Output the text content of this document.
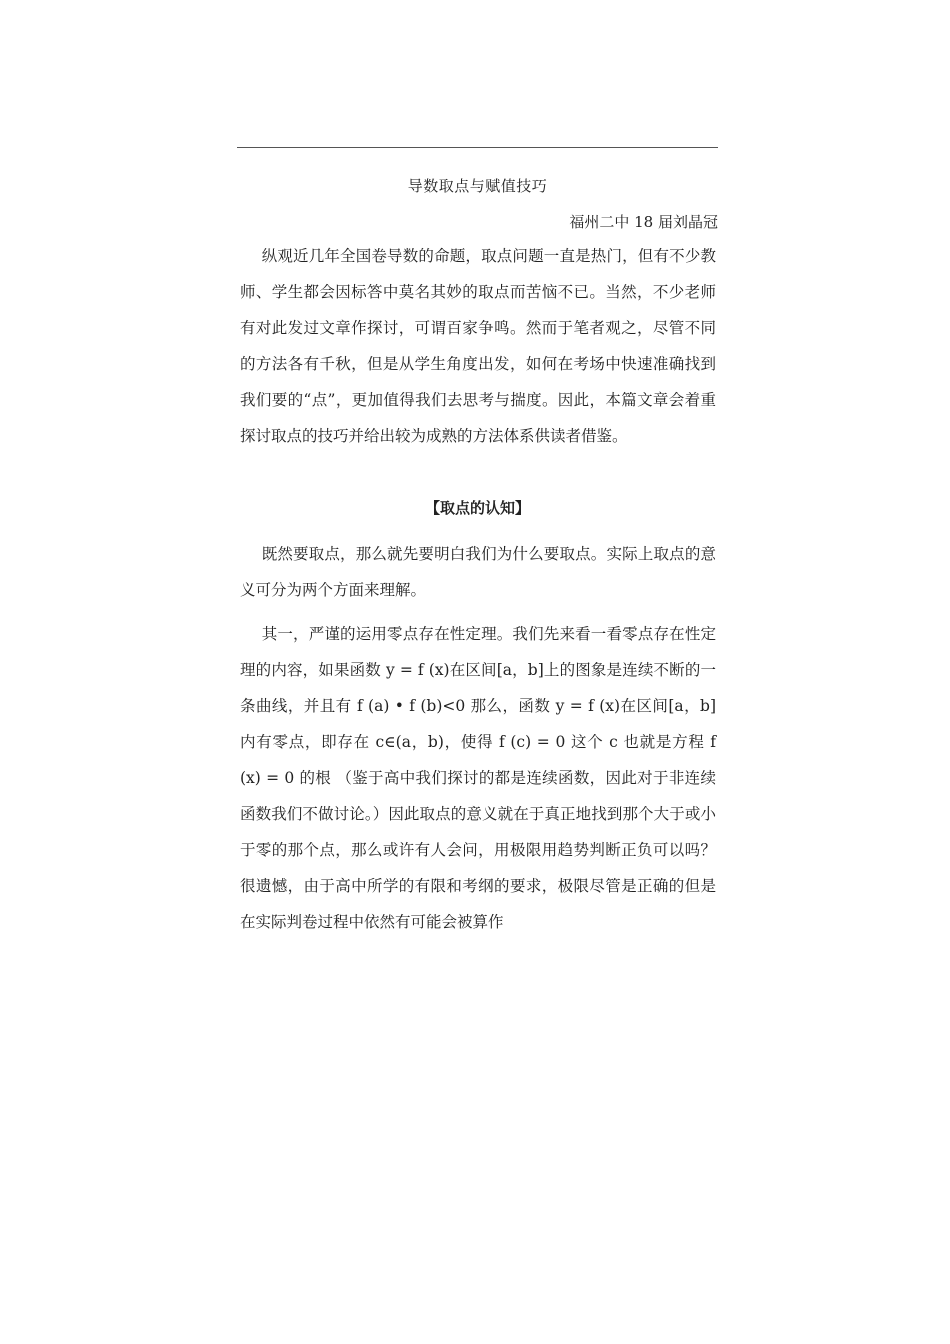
导数取点与赋值技巧
福州二中 18 届刘晶冠

纵观近几年全国卷导数的命题，取点问题一直是热门，但有不少教师、学生都会因标答中莫名其妙的取点而苦恼不已。当然，不少老师有对此发过文章作探讨，可谓百家争鸣。然而于笔者观之，尽管不同的方法各有千秋，但是从学生角度出发，如何在考场中快速准确找到我们要的“点”，更加值得我们去思考与揣度。因此，本篇文章会着重探讨取点的技巧并给出较为成熟的方法体系供读者借鉴。

【取点的认知】

既然要取点，那么就先要明白我们为什么要取点。实际上取点的意义可分为两个方面来理解。

其一，严谨的运用零点存在性定理。我们先来看一看零点存在性定理的内容，如果函数 y = f (x)在区间[a，b]上的图象是连续不断的一条曲线，并且有 f (a) • f (b)<0 那么，函数 y = f (x)在区间[a，b]内有零点，即存在 c∈(a，b)，使得 f (c) = 0 这个 c 也就是方程 f (x) = 0 的根 （鉴于高中我们探讨的都是连续函数，因此对于非连续函数我们不做讨论。）因此取点的意义就在于真正地找到那个大于或小于零的那个点，那么或许有人会问，用极限用趋势判断正负可以吗？很遗憾，由于高中所学的有限和考纲的要求，极限尽管是正确的但是在实际判卷过程中依然有可能会被算作
